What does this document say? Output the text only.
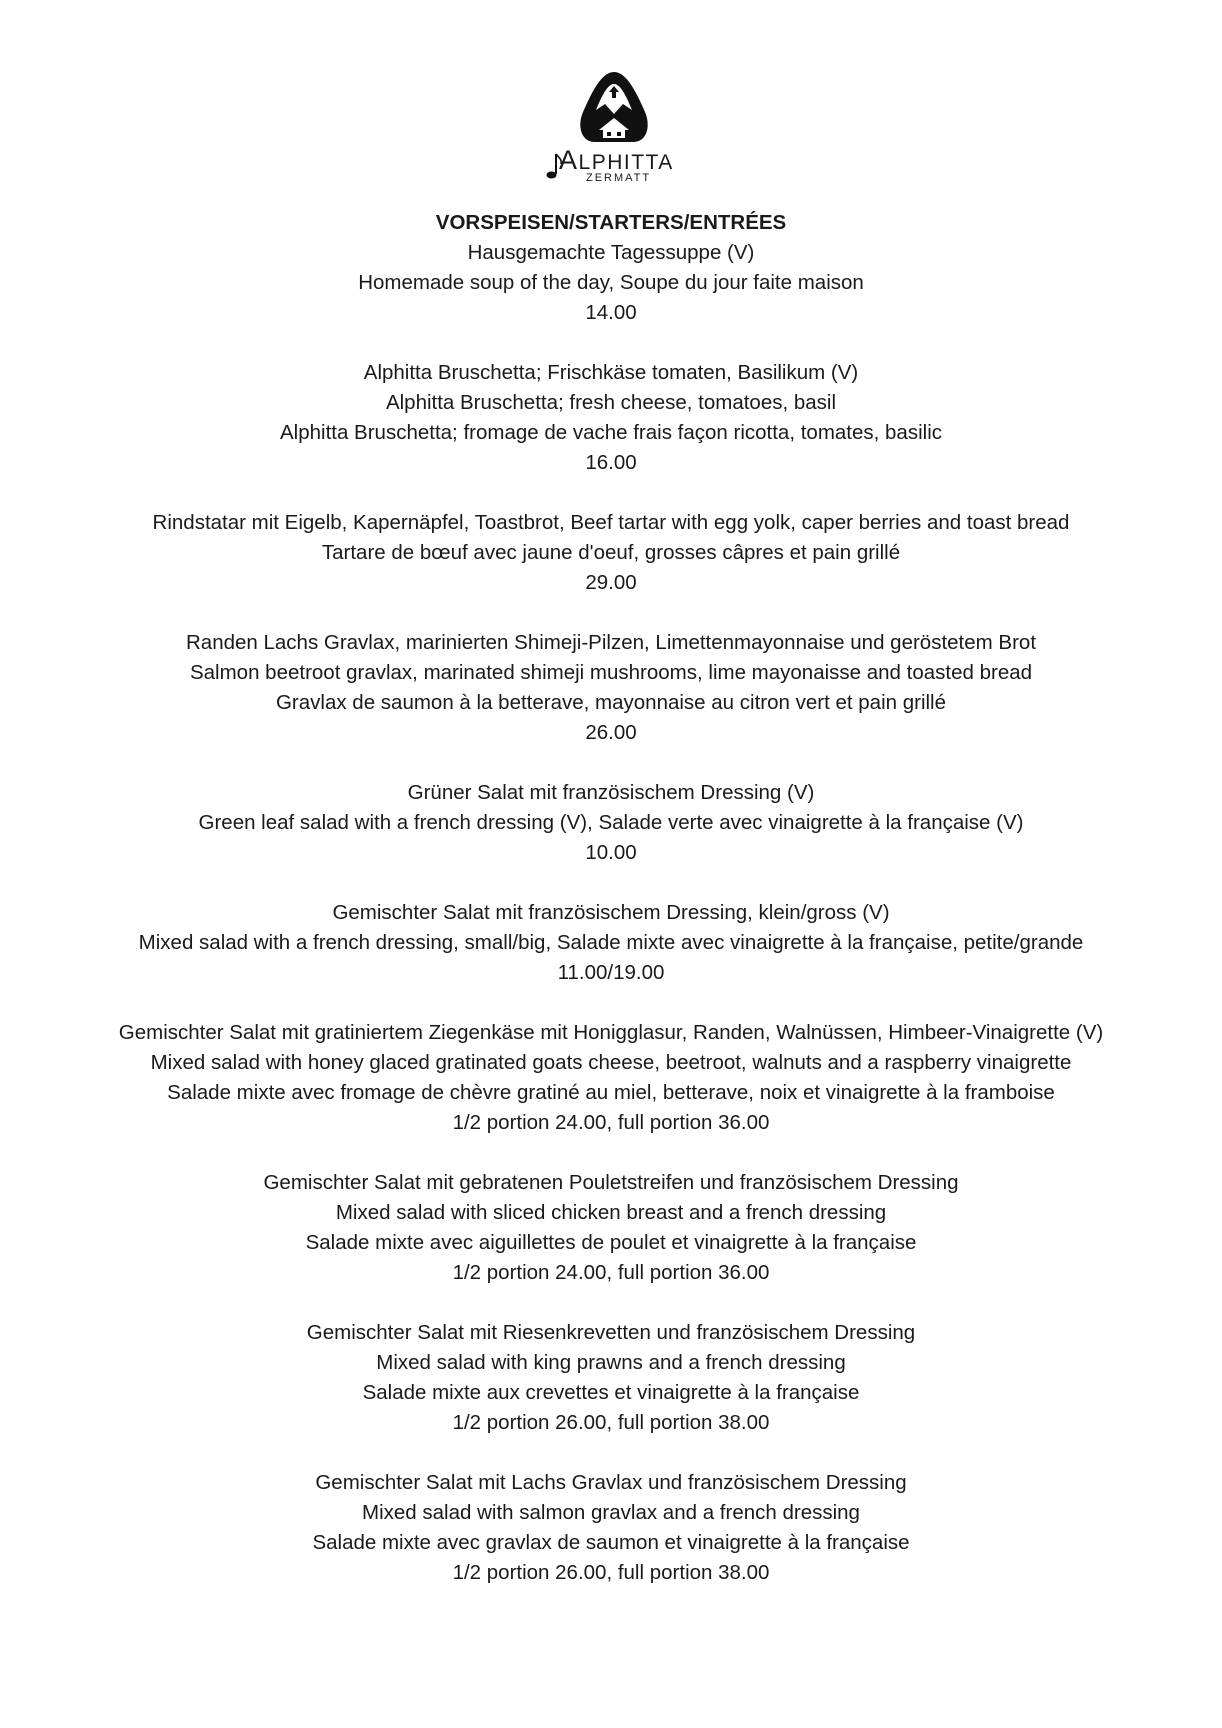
ALPHITTA
ZERMATT
VORSPEISEN/STARTERS/ENTRÉES
Hausgemachte Tagessuppe (V)
Homemade soup of the day, Soupe du jour faite maison
14.00
Alphitta Bruschetta; Frischkäse tomaten, Basilikum (V)
Alphitta Bruschetta; fresh cheese, tomatoes, basil
Alphitta Bruschetta; fromage de vache frais façon ricotta, tomates, basilic
16.00
Rindstatar mit Eigelb, Kapernäpfel, Toastbrot, Beef tartar with egg yolk, caper berries and toast bread
Tartare de bœuf avec jaune d'oeuf, grosses câpres et pain grillé
29.00
Randen Lachs Gravlax, marinierten Shimeji-Pilzen, Limettenmayonnaise und geröstetem Brot
Salmon beetroot gravlax, marinated shimeji mushrooms, lime mayonaisse and toasted bread
Gravlax de saumon à la betterave, mayonnaise au citron vert et pain grillé
26.00
Grüner Salat mit französischem Dressing (V)
Green leaf salad with a french dressing (V), Salade verte avec vinaigrette à la française (V)
10.00
Gemischter Salat mit französischem Dressing, klein/gross (V)
Mixed salad with a french dressing, small/big, Salade mixte avec vinaigrette à la française, petite/grande
11.00/19.00
Gemischter Salat mit gratiniertem Ziegenkäse mit Honigglasur, Randen, Walnüssen, Himbeer-Vinaigrette (V)
Mixed salad with honey glaced gratinated goats cheese, beetroot, walnuts and a raspberry vinaigrette
Salade mixte avec fromage de chèvre gratiné au miel, betterave, noix et vinaigrette à la framboise
1/2 portion 24.00, full portion 36.00
Gemischter Salat mit gebratenen Pouletstreifen und französischem Dressing
Mixed salad with sliced chicken breast and a french dressing
Salade mixte avec aiguillettes de poulet et vinaigrette à la française
1/2 portion 24.00, full portion 36.00
Gemischter Salat mit Riesenkrevetten und französischem Dressing
Mixed salad with king prawns and a french dressing
Salade mixte aux crevettes et vinaigrette à la française
1/2 portion 26.00, full portion 38.00
Gemischter Salat mit Lachs Gravlax und französischem Dressing
Mixed salad with salmon gravlax and a french dressing
Salade mixte avec gravlax de saumon et vinaigrette à la française
1/2 portion 26.00, full portion 38.00
